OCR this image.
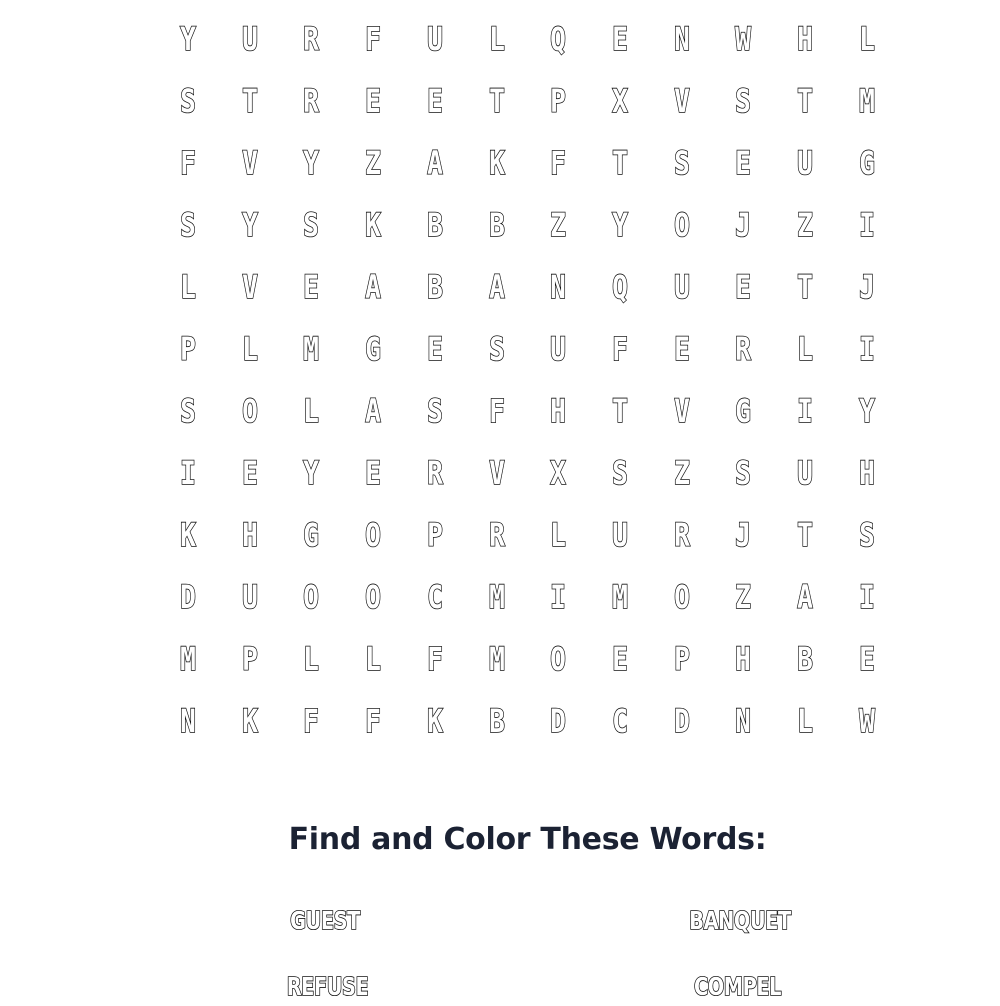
Y	U	R	F	U	L	Q	E	N	W	H	L
S	T	R	E	E	T	P	X	V	S	T	M
F	V	Y	Z	A	K	F	T	S	E	U	G
S	Y	S	K	B	B	Z	Y	O	J	Z	I
L	V	E	A	B	A	N	Q	U	E	T	J
P	L	M	G	E	S	U	F	E	R	L	I
S	O	L	A	S	F	H	T	V	G	I	Y
I	E	Y	E	R	V	X	S	Z	S	U	H
K	H	G	O	P	R	L	U	R	J	T	S
D	U	O	O	C	M	I	M	O	Z	A	I
M	P	L	L	F	M	O	E	P	H	B	E
N	K	F	F	K	B	D	C	D	N	L	W
Find and Color These Words:
GUEST	BANQUET
REFUSE	COMPEL
